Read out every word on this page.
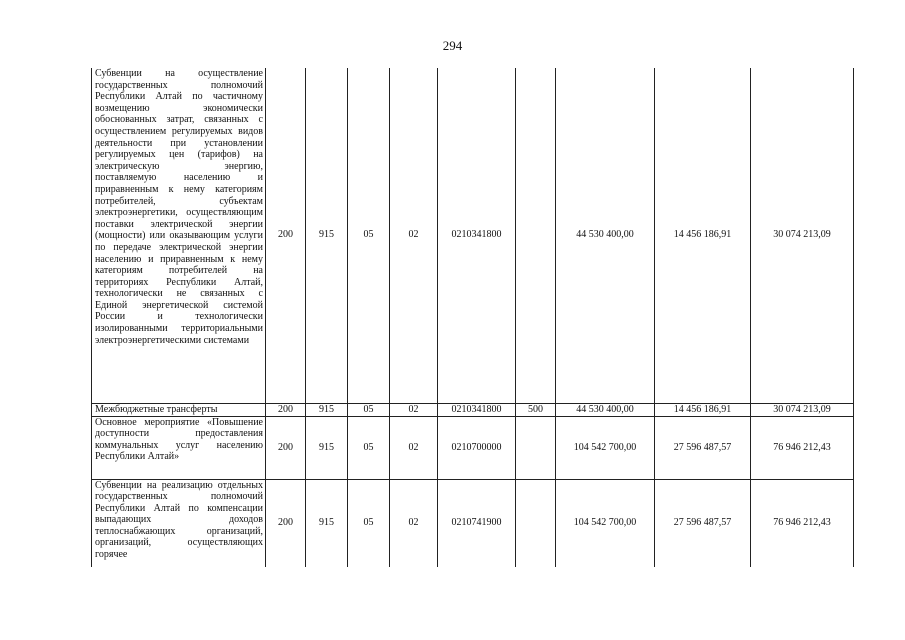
294
Субвенции на осуществление государственных полномочий Республики Алтай по частичному возмещению экономически обоснованных затрат, связанных с осуществлением регулируемых видов деятельности при установлении регулируемых цен (тарифов) на электрическую энергию, поставляемую населению и приравненным к нему категориям потребителей, субъектам электроэнергетики, осуществляющим поставки электрической энергии (мощности) или оказывающим услуги по передаче электрической энергии населению и приравненным к нему категориям потребителей на территориях Республики Алтай, технологически не связанных с Единой энергетической системой России и технологически изолированными территориальными электроэнергетическими системами	200	915	05	02	0210341800		44 530 400,00	14 456 186,91	30 074 213,09
Межбюджетные трансферты	200	915	05	02	0210341800	500	44 530 400,00	14 456 186,91	30 074 213,09
Основное мероприятие «Повышение доступности предоставления коммунальных услуг населению Республики Алтай»	200	915	05	02	0210700000		104 542 700,00	27 596 487,57	76 946 212,43
Субвенции на реализацию отдельных государственных полномочий Республики Алтай по компенсации выпадающих доходов теплоснабжающих организаций, организаций, осуществляющих горячее	200	915	05	02	0210741900		104 542 700,00	27 596 487,57	76 946 212,43
